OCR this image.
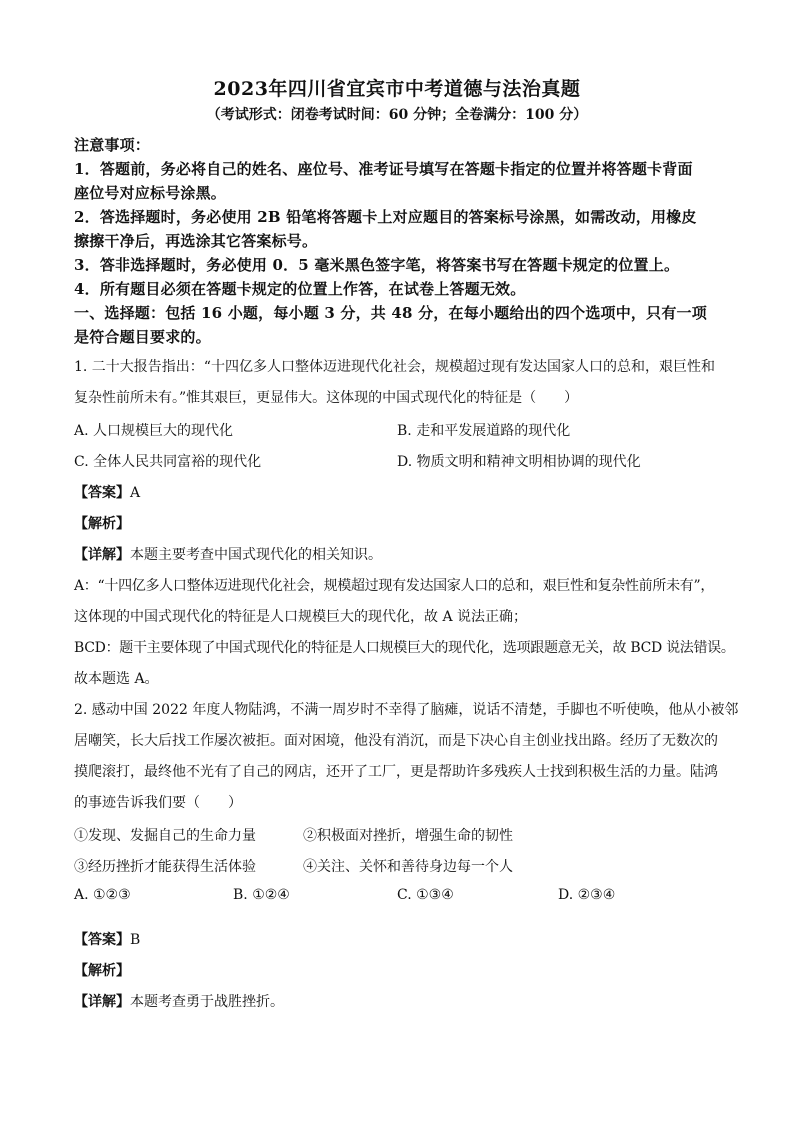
2023年四川省宜宾市中考道德与法治真题
（考试形式：闭卷考试时间：60 分钟；全卷满分：100 分）
注意事项：
1．答题前，务必将自己的姓名、座位号、准考证号填写在答题卡指定的位置并将答题卡背面
座位号对应标号涂黑。
2．答选择题时，务必使用 2B 铅笔将答题卡上对应题目的答案标号涂黑，如需改动，用橡皮
擦擦干净后，再选涂其它答案标号。
3．答非选择题时，务必使用 0．5 毫米黑色签字笔，将答案书写在答题卡规定的位置上。
4．所有题目必须在答题卡规定的位置上作答，在试卷上答题无效。
一、选择题：包括 16 小题，每小题 3 分，共 48 分，在每小题给出的四个选项中，只有一项
是符合题目要求的。
1. 二十大报告指出：“十四亿多人口整体迈进现代化社会，规模超过现有发达国家人口的总和，艰巨性和
复杂性前所未有。”惟其艰巨，更显伟大。这体现的中国式现代化的特征是（　　）
A. 人口规模巨大的现代化	B. 走和平发展道路的现代化
C. 全体人民共同富裕的现代化	D. 物质文明和精神文明相协调的现代化
【答案】A
【解析】
【详解】本题主要考查中国式现代化的相关知识。
A：“十四亿多人口整体迈进现代化社会，规模超过现有发达国家人口的总和，艰巨性和复杂性前所未有”，
这体现的中国式现代化的特征是人口规模巨大的现代化，故 A 说法正确；
BCD：题干主要体现了中国式现代化的特征是人口规模巨大的现代化，选项跟题意无关，故 BCD 说法错误。
故本题选 A。
2. 感动中国 2022 年度人物陆鸿，不满一周岁时不幸得了脑瘫，说话不清楚，手脚也不听使唤，他从小被邻
居嘲笑，长大后找工作屡次被拒。面对困境，他没有消沉，而是下决心自主创业找出路。经历了无数次的
摸爬滚打，最终他不光有了自己的网店，还开了工厂，更是帮助许多残疾人士找到积极生活的力量。陆鸿
的事迹告诉我们要（　　）
①发现、发掘自己的生命力量	②积极面对挫折，增强生命的韧性
③经历挫折才能获得生活体验	④关注、关怀和善待身边每一个人
A. ①②③	B. ①②④	C. ①③④	D. ②③④
【答案】B
【解析】
【详解】本题考查勇于战胜挫折。
